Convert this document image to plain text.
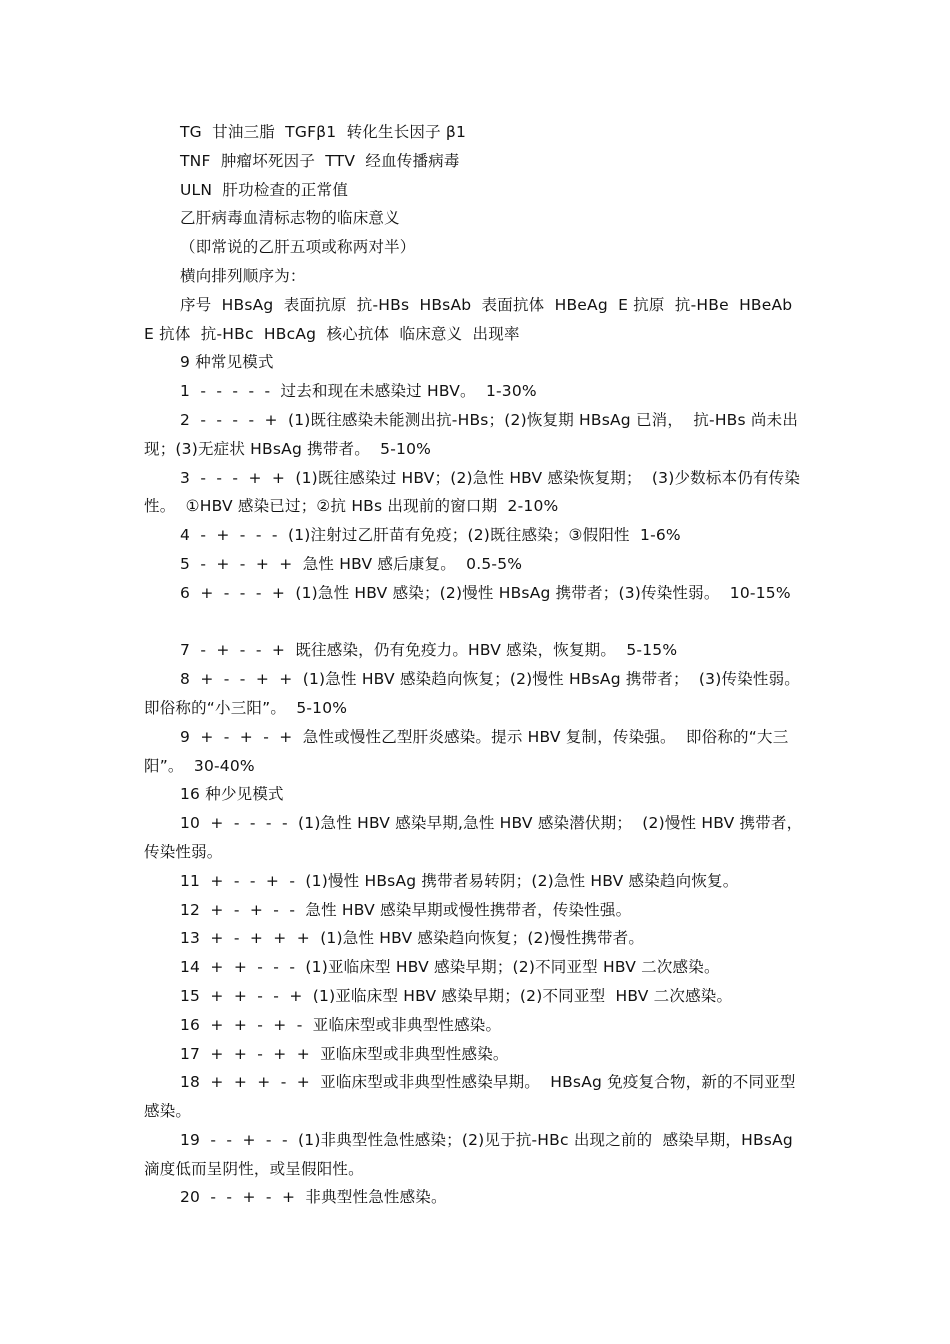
TG  甘油三脂  TGFβ1  转化生长因子 β1
TNF  肿瘤坏死因子  TTV  经血传播病毒
ULN  肝功检查的正常值
乙肝病毒血清标志物的临床意义
（即常说的乙肝五项或称两对半）
横向排列顺序为：
序号  HBsAg  表面抗原  抗-HBs  HBsAb  表面抗体  HBeAg  E 抗原  抗-HBe  HBeAb  E 抗体  抗-HBc  HBcAg  核心抗体  临床意义  出现率
9 种常见模式
1  -  -  -  -  -  过去和现在未感染过 HBV。  1-30%
2  -  -  -  -  +  (1)既往感染未能测出抗-HBs；(2)恢复期 HBsAg 已消，  抗-HBs 尚未出现；(3)无症状 HBsAg 携带者。  5-10%
3  -  -  -  +  +  (1)既往感染过 HBV；(2)急性 HBV 感染恢复期；  (3)少数标本仍有传染性。  ①HBV 感染已过；②抗 HBs 出现前的窗口期  2-10%
4  -  +  -  -  -  (1)注射过乙肝苗有免疫；(2)既往感染；③假阳性  1-6%
5  -  +  -  +  +  急性 HBV 感后康复。  0.5-5%
6  +  -  -  -  +  (1)急性 HBV 感染；(2)慢性 HBsAg 携带者；(3)传染性弱。  10-15%
7  -  +  -  -  +  既往感染，仍有免疫力。HBV 感染，恢复期。  5-15%
8  +  -  -  +  +  (1)急性 HBV 感染趋向恢复；(2)慢性 HBsAg 携带者；  (3)传染性弱。即俗称的“小三阳”。  5-10%
9  +  -  +  -  +  急性或慢性乙型肝炎感染。提示 HBV 复制，传染强。  即俗称的“大三阳”。  30-40%
16 种少见模式
10  +  -  -  -  -  (1)急性 HBV 感染早期,急性 HBV 感染潜伏期；  (2)慢性 HBV 携带者，传染性弱。
11  +  -  -  +  -  (1)慢性 HBsAg 携带者易转阴；(2)急性 HBV 感染趋向恢复。
12  +  -  +  -  -  急性 HBV 感染早期或慢性携带者，传染性强。
13  +  -  +  +  +  (1)急性 HBV 感染趋向恢复；(2)慢性携带者。
14  +  +  -  -  -  (1)亚临床型 HBV 感染早期；(2)不同亚型 HBV 二次感染。
15  +  +  -  -  +  (1)亚临床型 HBV 感染早期；(2)不同亚型  HBV 二次感染。
16  +  +  -  +  -  亚临床型或非典型性感染。
17  +  +  -  +  +  亚临床型或非典型性感染。
18  +  +  +  -  +  亚临床型或非典型性感染早期。  HBsAg 免疫复合物，新的不同亚型感染。
19  -  -  +  -  -  (1)非典型性急性感染；(2)见于抗-HBc 出现之前的  感染早期，HBsAg 滴度低而呈阴性，或呈假阳性。
20  -  -  +  -  +  非典型性急性感染。
